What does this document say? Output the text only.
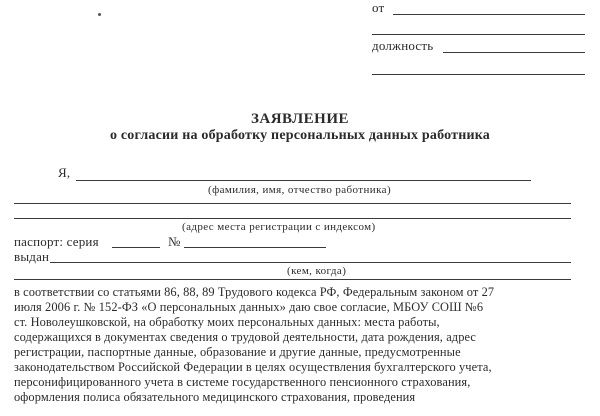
от
должность
ЗАЯВЛЕНИЕ
о согласии на обработку персональных данных работника
Я,
(фамилия, имя, отчество работника)
(адрес места регистрации с индексом)
паспорт: серия	№
выдан
(кем, когда)
в соответствии со статьями 86, 88, 89 Трудового кодекса РФ, Федеральным законом от 27
июля 2006 г. № 152-ФЗ «О персональных данных» даю свое согласие, МБОУ СОШ №6
ст. Новолеушковской, на обработку моих персональных данных: места работы,
содержащихся в документах сведения о трудовой деятельности, дата рождения, адрес
регистрации, паспортные данные, образование и другие данные, предусмотренные
законодательством Российской Федерации в целях осуществления бухгалтерского учета,
персонифицированного учета в системе государственного пенсионного страхования,
оформления полиса обязательного медицинского страхования, проведения
